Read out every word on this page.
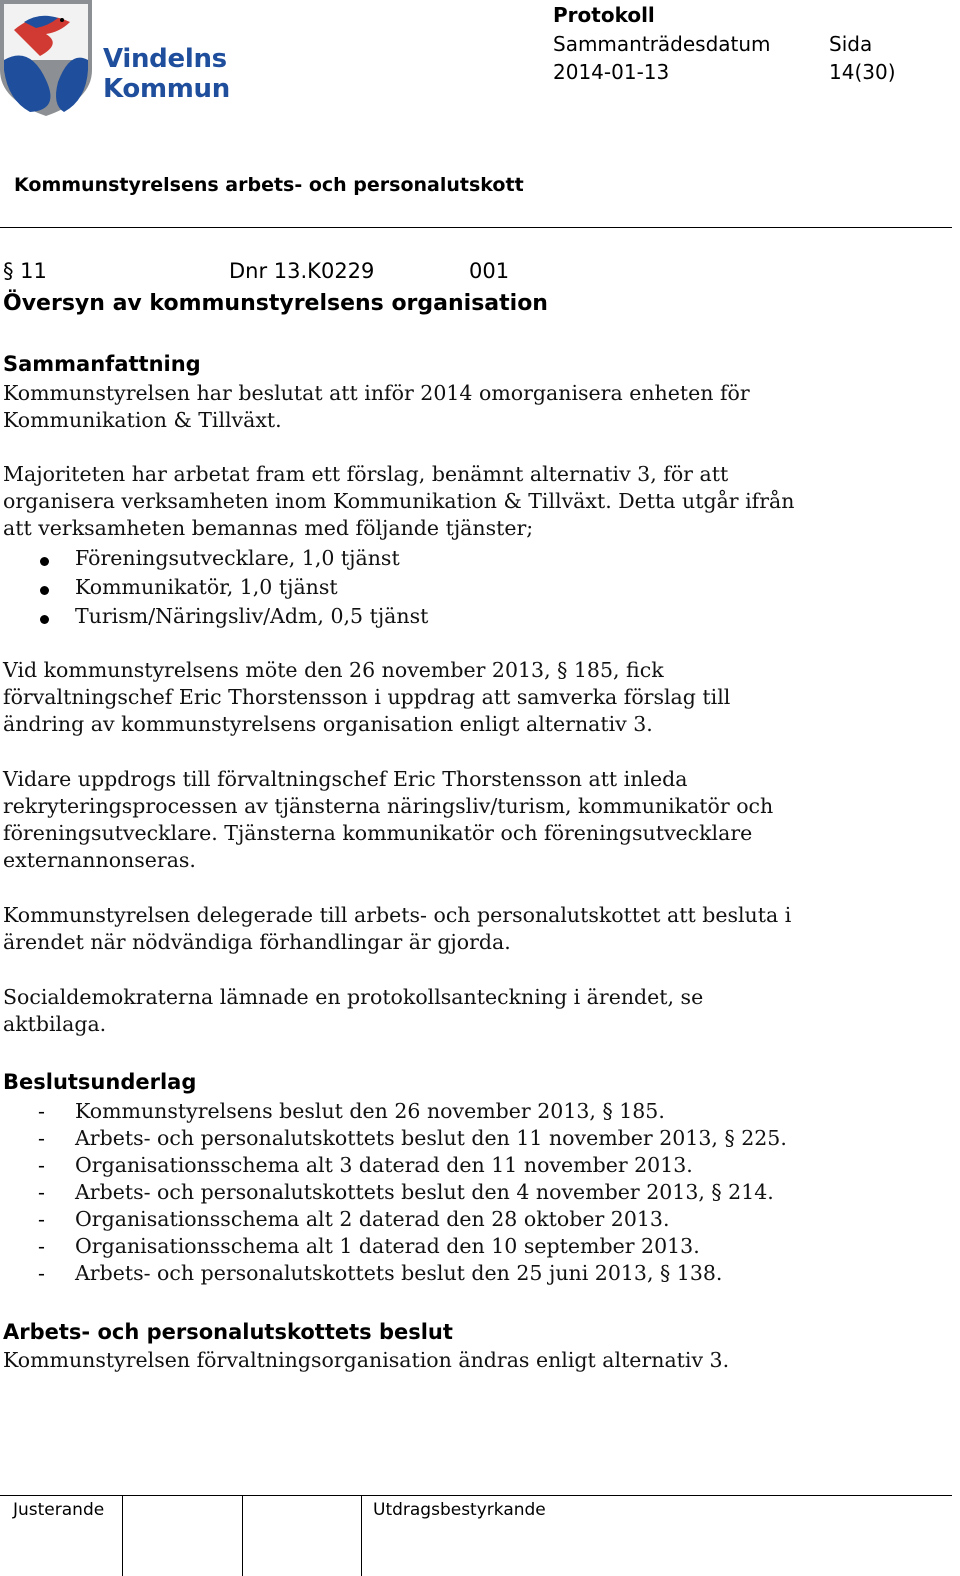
Vindelns
Kommun
Protokoll
Sammanträdesdatum	Sida
2014-01-13	14(30)
Kommunstyrelsens arbets- och personalutskott
§ 11	Dnr 13.K0229	001
Översyn av kommunstyrelsens organisation
Sammanfattning
Kommunstyrelsen har beslutat att inför 2014 omorganisera enheten för
Kommunikation & Tillväxt.
Majoriteten har arbetat fram ett förslag, benämnt alternativ 3, för att
organisera verksamheten inom Kommunikation & Tillväxt. Detta utgår ifrån
att verksamheten bemannas med följande tjänster;
Föreningsutvecklare, 1,0 tjänst
Kommunikatör, 1,0 tjänst
Turism/Näringsliv/Adm, 0,5 tjänst
Vid kommunstyrelsens möte den 26 november 2013, § 185, fick
förvaltningschef Eric Thorstensson i uppdrag att samverka förslag till
ändring av kommunstyrelsens organisation enligt alternativ 3.
Vidare uppdrogs till förvaltningschef Eric Thorstensson att inleda
rekryteringsprocessen av tjänsterna näringsliv/turism, kommunikatör och
föreningsutvecklare. Tjänsterna kommunikatör och föreningsutvecklare
externannonseras.
Kommunstyrelsen delegerade till arbets- och personalutskottet att besluta i
ärendet när nödvändiga förhandlingar är gjorda.
Socialdemokraterna lämnade en protokollsanteckning i ärendet, se
aktbilaga.
Beslutsunderlag
- Kommunstyrelsens beslut den 26 november 2013, § 185.
- Arbets- och personalutskottets beslut den 11 november 2013, § 225.
- Organisationsschema alt 3 daterad den 11 november 2013.
- Arbets- och personalutskottets beslut den 4 november 2013, § 214.
- Organisationsschema alt 2 daterad den 28 oktober 2013.
- Organisationsschema alt 1 daterad den 10 september 2013.
- Arbets- och personalutskottets beslut den 25 juni 2013, § 138.
Arbets- och personalutskottets beslut
Kommunstyrelsen förvaltningsorganisation ändras enligt alternativ 3.
Justerande	Utdragsbestyrkande
